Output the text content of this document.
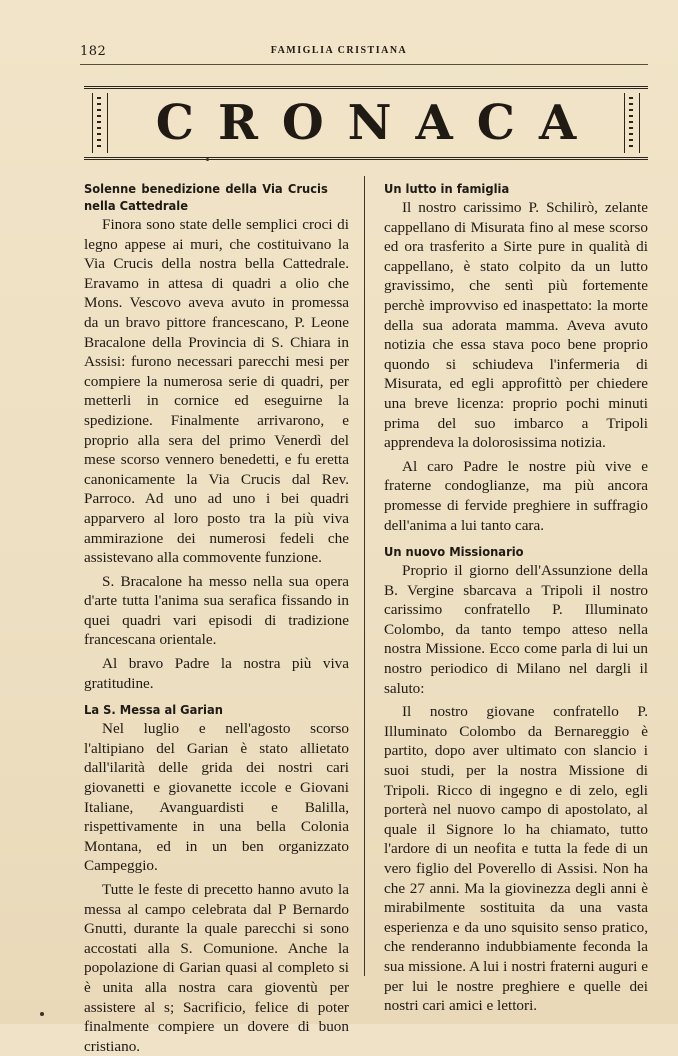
182	FAMIGLIA CRISTIANA
CRONACA
Solenne benedizione della Via Crucis nella Cattedrale

Finora sono state delle semplici croci di legno appese ai muri, che costituivano la Via Crucis della nostra bella Cattedrale. Eravamo in attesa di quadri a olio che Mons. Vescovo aveva avuto in promessa da un bravo pittore francescano, P. Leone Bracalone della Provincia di S. Chiara in Assisi: furono necessari parecchi mesi per compiere la numerosa serie di quadri, per metterli in cornice ed eseguirne la spedizione. Finalmente arrivarono, e proprio alla sera del primo Venerdì del mese scorso vennero benedetti, e fu eretta canonicamente la Via Crucis dal Rev. Parroco. Ad uno ad uno i bei quadri apparvero al loro posto tra la più viva ammirazione dei numerosi fedeli che assistevano alla commovente funzione.

S. Bracalone ha messo nella sua opera d'arte tutta l'anima sua serafica fissando in quei quadri vari episodi di tradizione francescana orientale.

Al bravo Padre la nostra più viva gratitudine.

La S. Messa al Garian

Nel luglio e nell'agosto scorso l'altipiano del Garian è stato allietato dall'ilarità delle grida dei nostri cari giovanetti e giovanette iccole e Giovani Italiane, Avanguardisti e Balilla, rispettivamente in una bella Colonia Montana, ed in un ben organizzato Campeggio.

Tutte le feste di precetto hanno avuto la messa al campo celebrata dal P Bernardo Gnutti, durante la quale parecchi si sono accostati alla S. Comunione. Anche la popolazione di Garian quasi al completo si è unita alla nostra cara gioventù per assistere al s; Sacrificio, felice di poter finalmente compiere un dovere di buon cristiano.

Un lutto in famiglia

Il nostro carissimo P. Schilirò, zelante cappellano di Misurata fino al mese scorso ed ora trasferito a Sirte pure in qualità di cappellano, è stato colpito da un lutto gravissimo, che sentì più fortemente perchè improvviso ed inaspettato: la morte della sua adorata mamma. Aveva avuto notizia che essa stava poco bene proprio quondo si schiudeva l'infermeria di Misurata, ed egli approfittò per chiedere una breve licenza: proprio pochi minuti prima del suo imbarco a Tripoli apprendeva la dolorosissima notizia.

Al caro Padre le nostre più vive e fraterne condoglianze, ma più ancora promesse di fervide preghiere in suffragio dell'anima a lui tanto cara.

Un nuovo Missionario

Proprio il giorno dell'Assunzione della B. Vergine sbarcava a Tripoli il nostro carissimo confratello P. Illuminato Colombo, da tanto tempo atteso nella nostra Missione. Ecco come parla di lui un nostro periodico di Milano nel dargli il saluto:

Il nostro giovane confratello P. Illuminato Colombo da Bernareggio è partito, dopo aver ultimato con slancio i suoi studi, per la nostra Missione di Tripoli. Ricco di ingegno e di zelo, egli porterà nel nuovo campo di apostolato, al quale il Signore lo ha chiamato, tutto l'ardore di un neofita e tutta la fede di un vero figlio del Poverello di Assisi. Non ha che 27 anni. Ma la giovinezza degli anni è mirabilmente sostituita da una vasta esperienza e da uno squisito senso pratico, che renderanno indubbiamente feconda la sua missione. A lui i nostri fraterni auguri e per lui le nostre preghiere e quelle dei nostri cari amici e lettori.
